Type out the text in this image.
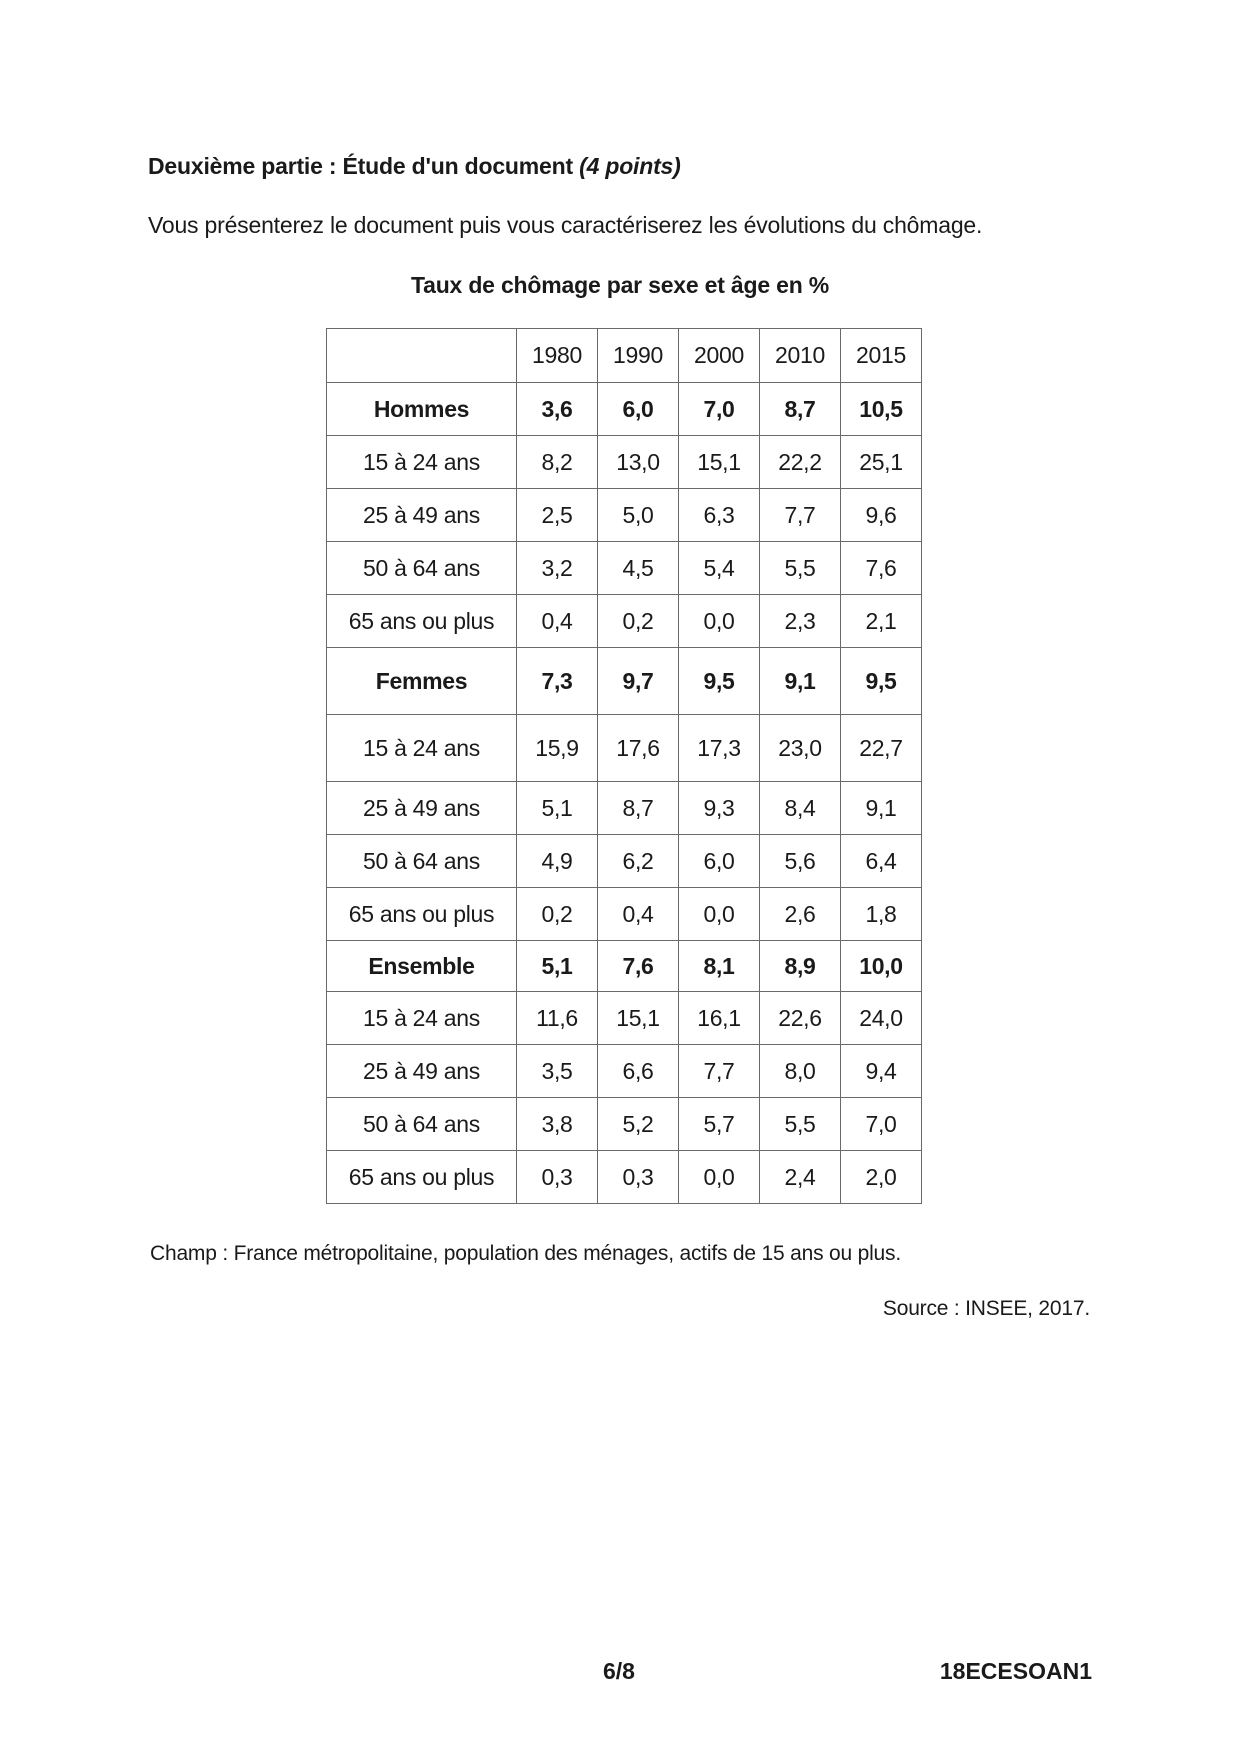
Deuxième partie : Étude d'un document (4 points)

Vous présenterez le document puis vous caractériserez les évolutions du chômage.

Taux de chômage par sexe et âge en %
	1980	1990	2000	2010	2015
Hommes	3,6	6,0	7,0	8,7	10,5
15 à 24 ans	8,2	13,0	15,1	22,2	25,1
25 à 49 ans	2,5	5,0	6,3	7,7	9,6
50 à 64 ans	3,2	4,5	5,4	5,5	7,6
65 ans ou plus	0,4	0,2	0,0	2,3	2,1
Femmes	7,3	9,7	9,5	9,1	9,5
15 à 24 ans	15,9	17,6	17,3	23,0	22,7
25 à 49 ans	5,1	8,7	9,3	8,4	9,1
50 à 64 ans	4,9	6,2	6,0	5,6	6,4
65 ans ou plus	0,2	0,4	0,0	2,6	1,8
Ensemble	5,1	7,6	8,1	8,9	10,0
15 à 24 ans	11,6	15,1	16,1	22,6	24,0
25 à 49 ans	3,5	6,6	7,7	8,0	9,4
50 à 64 ans	3,8	5,2	5,7	5,5	7,0
65 ans ou plus	0,3	0,3	0,0	2,4	2,0

Champ : France métropolitaine, population des ménages, actifs de 15 ans ou plus.

Source : INSEE, 2017.

6/8	18ECESOAN1
